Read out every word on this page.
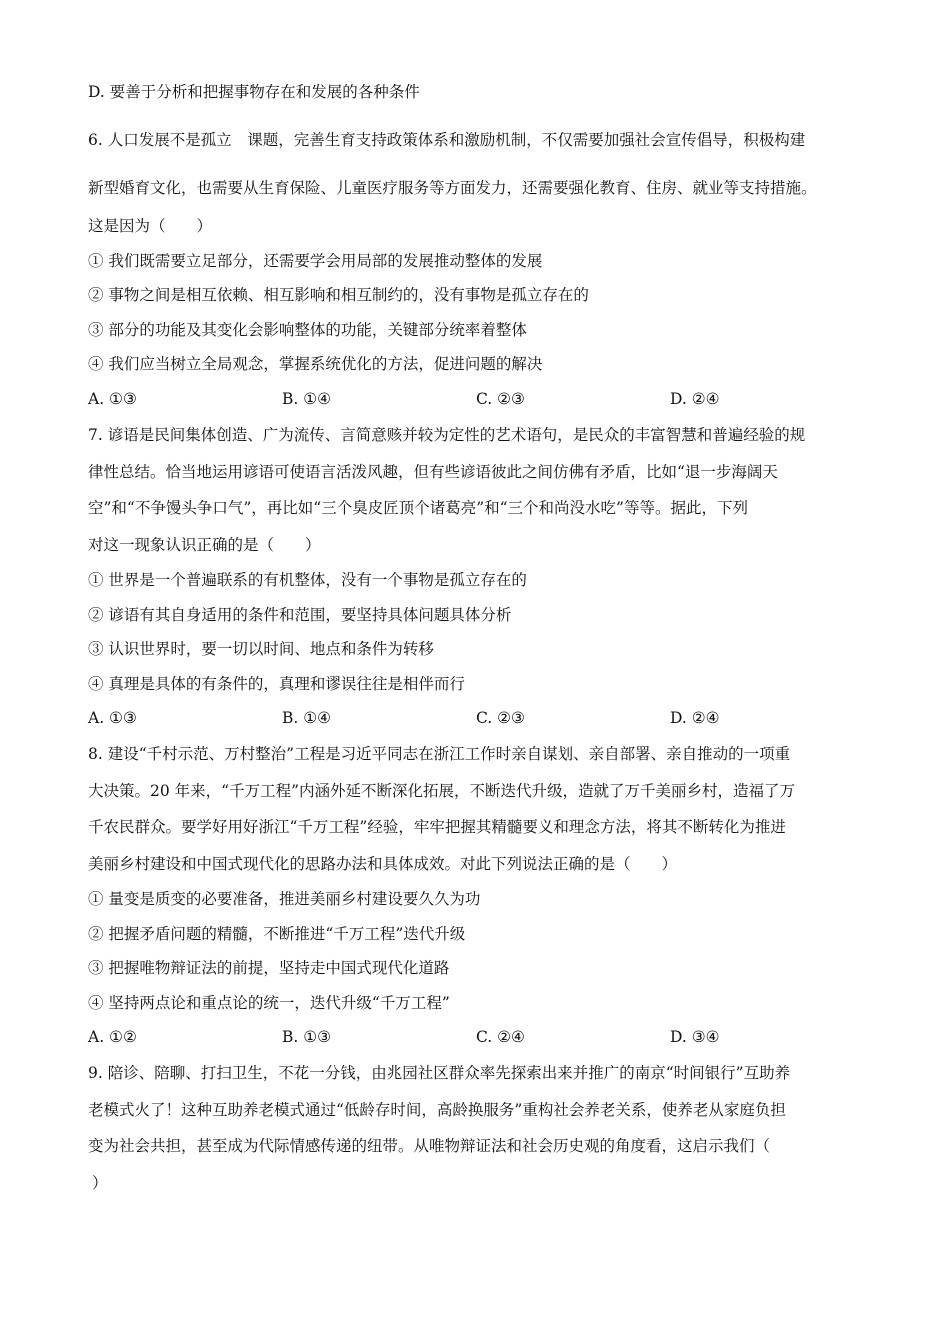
D. 要善于分析和把握事物存在和发展的各种条件
6. 人口发展不是孤立　课题，完善生育支持政策体系和激励机制，不仅需要加强社会宣传倡导，积极构建
新型婚育文化，也需要从生育保险、儿童医疗服务等方面发力，还需要强化教育、住房、就业等支持措施。
这是因为（　　）
① 我们既需要立足部分，还需要学会用局部的发展推动整体的发展
② 事物之间是相互依赖、相互影响和相互制约的，没有事物是孤立存在的
③ 部分的功能及其变化会影响整体的功能，关键部分统率着整体
④ 我们应当树立全局观念，掌握系统优化的方法，促进问题的解决
A. ①③	B. ①④	C. ②③	D. ②④
7. 谚语是民间集体创造、广为流传、言简意赅并较为定性的艺术语句，是民众的丰富智慧和普遍经验的规
律性总结。恰当地运用谚语可使语言活泼风趣，但有些谚语彼此之间仿佛有矛盾，比如“退一步海阔天
空”和“不争馒头争口气”，再比如“三个臭皮匠顶个诸葛亮”和“三个和尚没水吃”等等。据此，下列
对这一现象认识正确的是（　　）
① 世界是一个普遍联系的有机整体，没有一个事物是孤立存在的
② 谚语有其自身适用的条件和范围，要坚持具体问题具体分析
③ 认识世界时，要一切以时间、地点和条件为转移
④ 真理是具体的有条件的，真理和谬误往往是相伴而行
A. ①③	B. ①④	C. ②③	D. ②④
8. 建设“千村示范、万村整治”工程是习近平同志在浙江工作时亲自谋划、亲自部署、亲自推动的一项重
大决策。20 年来，“千万工程”内涵外延不断深化拓展，不断迭代升级，造就了万千美丽乡村，造福了万
千农民群众。要学好用好浙江“千万工程”经验，牢牢把握其精髓要义和理念方法，将其不断转化为推进
美丽乡村建设和中国式现代化的思路办法和具体成效。对此下列说法正确的是（　　）
① 量变是质变的必要准备，推进美丽乡村建设要久久为功
② 把握矛盾问题的精髓，不断推进“千万工程”迭代升级
③ 把握唯物辩证法的前提，坚持走中国式现代化道路
④ 坚持两点论和重点论的统一，迭代升级“千万工程”
A. ①②	B. ①③	C. ②④	D. ③④
9. 陪诊、陪聊、打扫卫生，不花一分钱，由兆园社区群众率先探索出来并推广的南京“时间银行”互助养
老模式火了！这种互助养老模式通过“低龄存时间，高龄换服务”重构社会养老关系，使养老从家庭负担
变为社会共担，甚至成为代际情感传递的纽带。从唯物辩证法和社会历史观的角度看，这启示我们（
）
